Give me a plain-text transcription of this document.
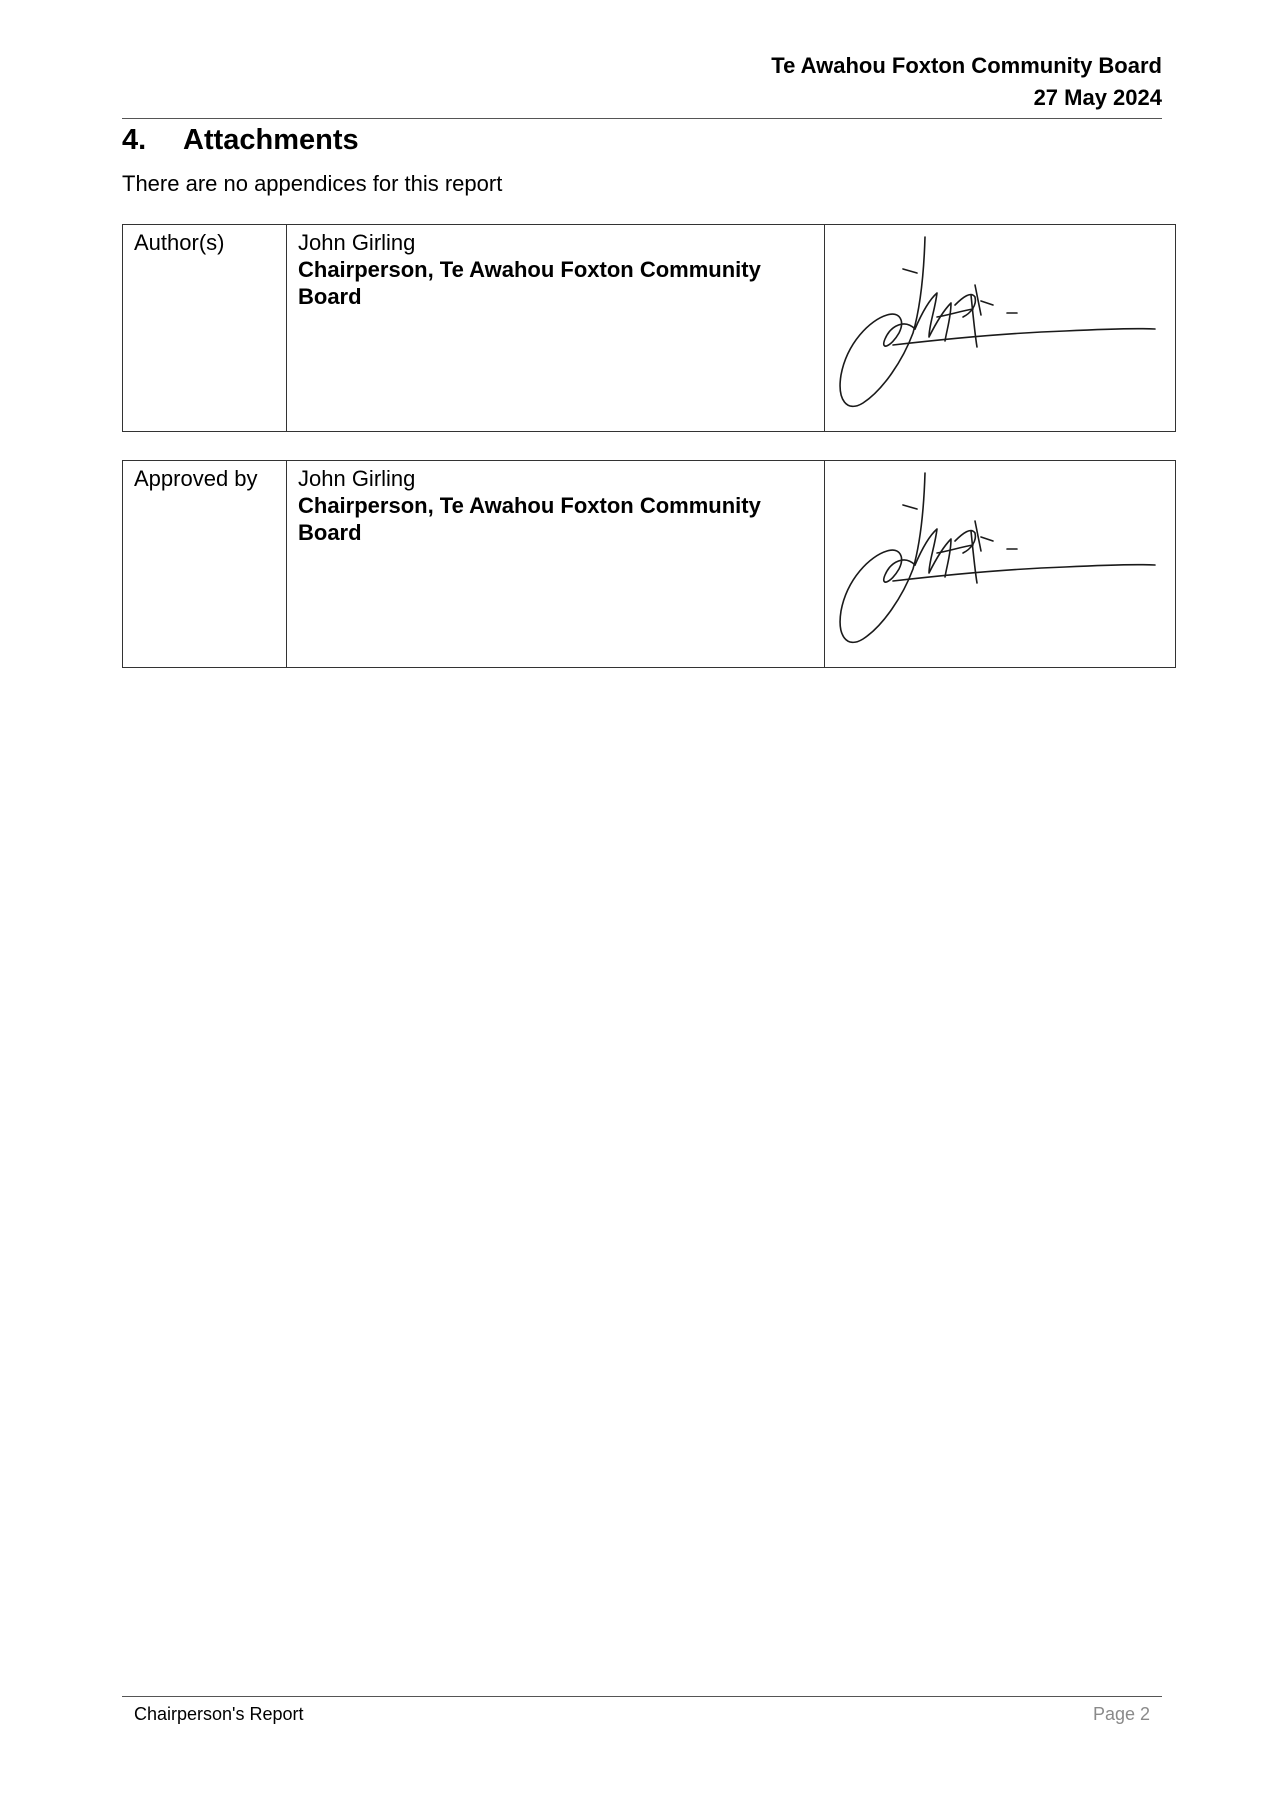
Te Awahou Foxton Community Board
27 May 2024
4. Attachments
There are no appendices for this report
Author(s)	John Girling
Chairperson, Te Awahou Foxton Community Board

Approved by	John Girling
Chairperson, Te Awahou Foxton Community Board

Chairperson's Report	Page 2
